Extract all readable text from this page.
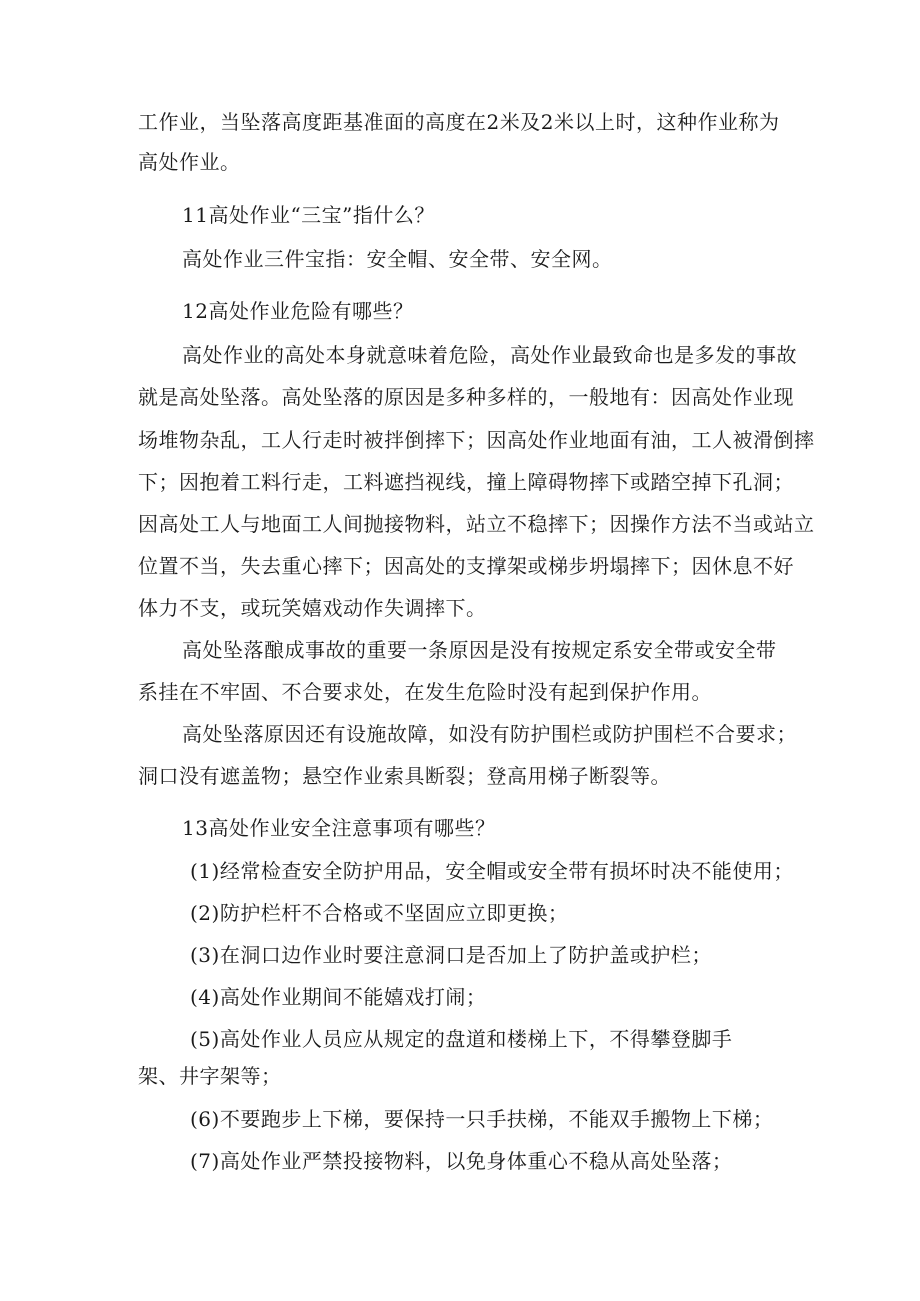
工作业，当坠落高度距基准面的高度在2米及2米以上时，这种作业称为
高处作业。
11高处作业“三宝”指什么？
高处作业三件宝指：安全帽、安全带、安全网。
12高处作业危险有哪些？
高处作业的高处本身就意味着危险，高处作业最致命也是多发的事故
就是高处坠落。高处坠落的原因是多种多样的，一般地有：因高处作业现
场堆物杂乱，工人行走时被拌倒摔下；因高处作业地面有油，工人被滑倒摔
下；因抱着工料行走，工料遮挡视线，撞上障碍物摔下或踏空掉下孔洞；
因高处工人与地面工人间抛接物料，站立不稳摔下；因操作方法不当或站立
位置不当，失去重心摔下；因高处的支撑架或梯步坍塌摔下；因休息不好
体力不支，或玩笑嬉戏动作失调摔下。
高处坠落酿成事故的重要一条原因是没有按规定系安全带或安全带
系挂在不牢固、不合要求处，在发生危险时没有起到保护作用。
高处坠落原因还有设施故障，如没有防护围栏或防护围栏不合要求；
洞口没有遮盖物；悬空作业索具断裂；登高用梯子断裂等。
13高处作业安全注意事项有哪些？
(1)经常检查安全防护用品，安全帽或安全带有损坏时决不能使用；
(2)防护栏杆不合格或不坚固应立即更换；
(3)在洞口边作业时要注意洞口是否加上了防护盖或护栏；
(4)高处作业期间不能嬉戏打闹；
(5)高处作业人员应从规定的盘道和楼梯上下，不得攀登脚手
架、井字架等；
(6)不要跑步上下梯，要保持一只手扶梯，不能双手搬物上下梯；
(7)高处作业严禁投接物料，以免身体重心不稳从高处坠落；
